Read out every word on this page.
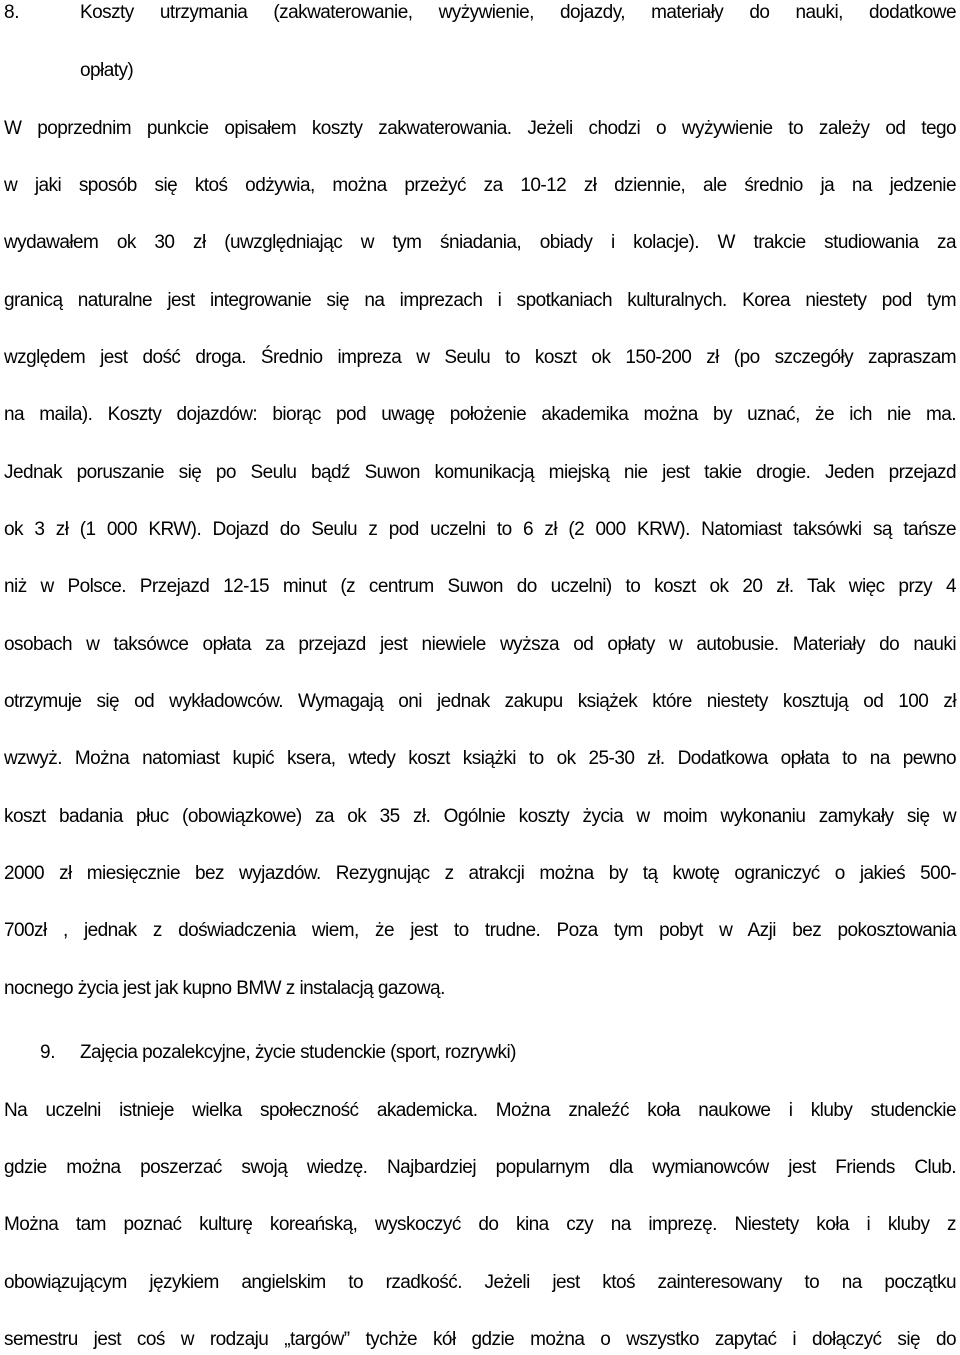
8.	Koszty utrzymania (zakwaterowanie, wyżywienie, dojazdy, materiały do nauki, dodatkowe
opłaty)
W poprzednim punkcie opisałem koszty zakwaterowania. Jeżeli chodzi o wyżywienie to zależy od tego
w jaki sposób się ktoś odżywia, można przeżyć za 10-12 zł dziennie, ale średnio ja na jedzenie
wydawałem ok 30 zł (uwzględniając w tym śniadania, obiady i kolacje). W trakcie studiowania za
granicą naturalne jest integrowanie się na imprezach i spotkaniach kulturalnych. Korea niestety pod tym
względem jest dość droga. Średnio impreza w Seulu to koszt ok 150-200 zł (po szczegóły zapraszam
na maila). Koszty dojazdów: biorąc pod uwagę położenie akademika można by uznać, że ich nie ma.
Jednak poruszanie się po Seulu bądź Suwon komunikacją miejską nie jest takie drogie. Jeden przejazd
ok 3 zł (1 000 KRW). Dojazd do Seulu z pod uczelni to 6 zł (2 000 KRW). Natomiast taksówki są tańsze
niż w Polsce. Przejazd 12-15 minut (z centrum Suwon do uczelni) to koszt ok 20 zł. Tak więc przy 4
osobach w taksówce opłata za przejazd jest niewiele wyższa od opłaty w autobusie. Materiały do nauki
otrzymuje się od wykładowców. Wymagają oni jednak zakupu książek które niestety kosztują od 100 zł
wzwyż. Można natomiast kupić ksera, wtedy koszt książki to ok 25-30 zł. Dodatkowa opłata to na pewno
koszt badania płuc (obowiązkowe) za ok 35 zł. Ogólnie koszty życia w moim wykonaniu zamykały się w
2000 zł miesięcznie bez wyjazdów. Rezygnując z atrakcji można by tą kwotę ograniczyć o jakieś 500-
700zł , jednak z doświadczenia wiem, że jest to trudne. Poza tym pobyt w Azji bez pokosztowania
nocnego życia jest jak kupno BMW z instalacją gazową.
9. Zajęcia pozalekcyjne, życie studenckie (sport, rozrywki)
Na uczelni istnieje wielka społeczność akademicka. Można znaleźć koła naukowe i kluby studenckie
gdzie można poszerzać swoją wiedzę. Najbardziej popularnym dla wymianowców jest Friends Club.
Można tam poznać kulturę koreańską, wyskoczyć do kina czy na imprezę. Niestety koła i kluby z
obowiązującym językiem angielskim to rzadkość. Jeżeli jest ktoś zainteresowany to na początku
semestru jest coś w rodzaju „targów” tychże kół gdzie można o wszystko zapytać i dołączyć się do
